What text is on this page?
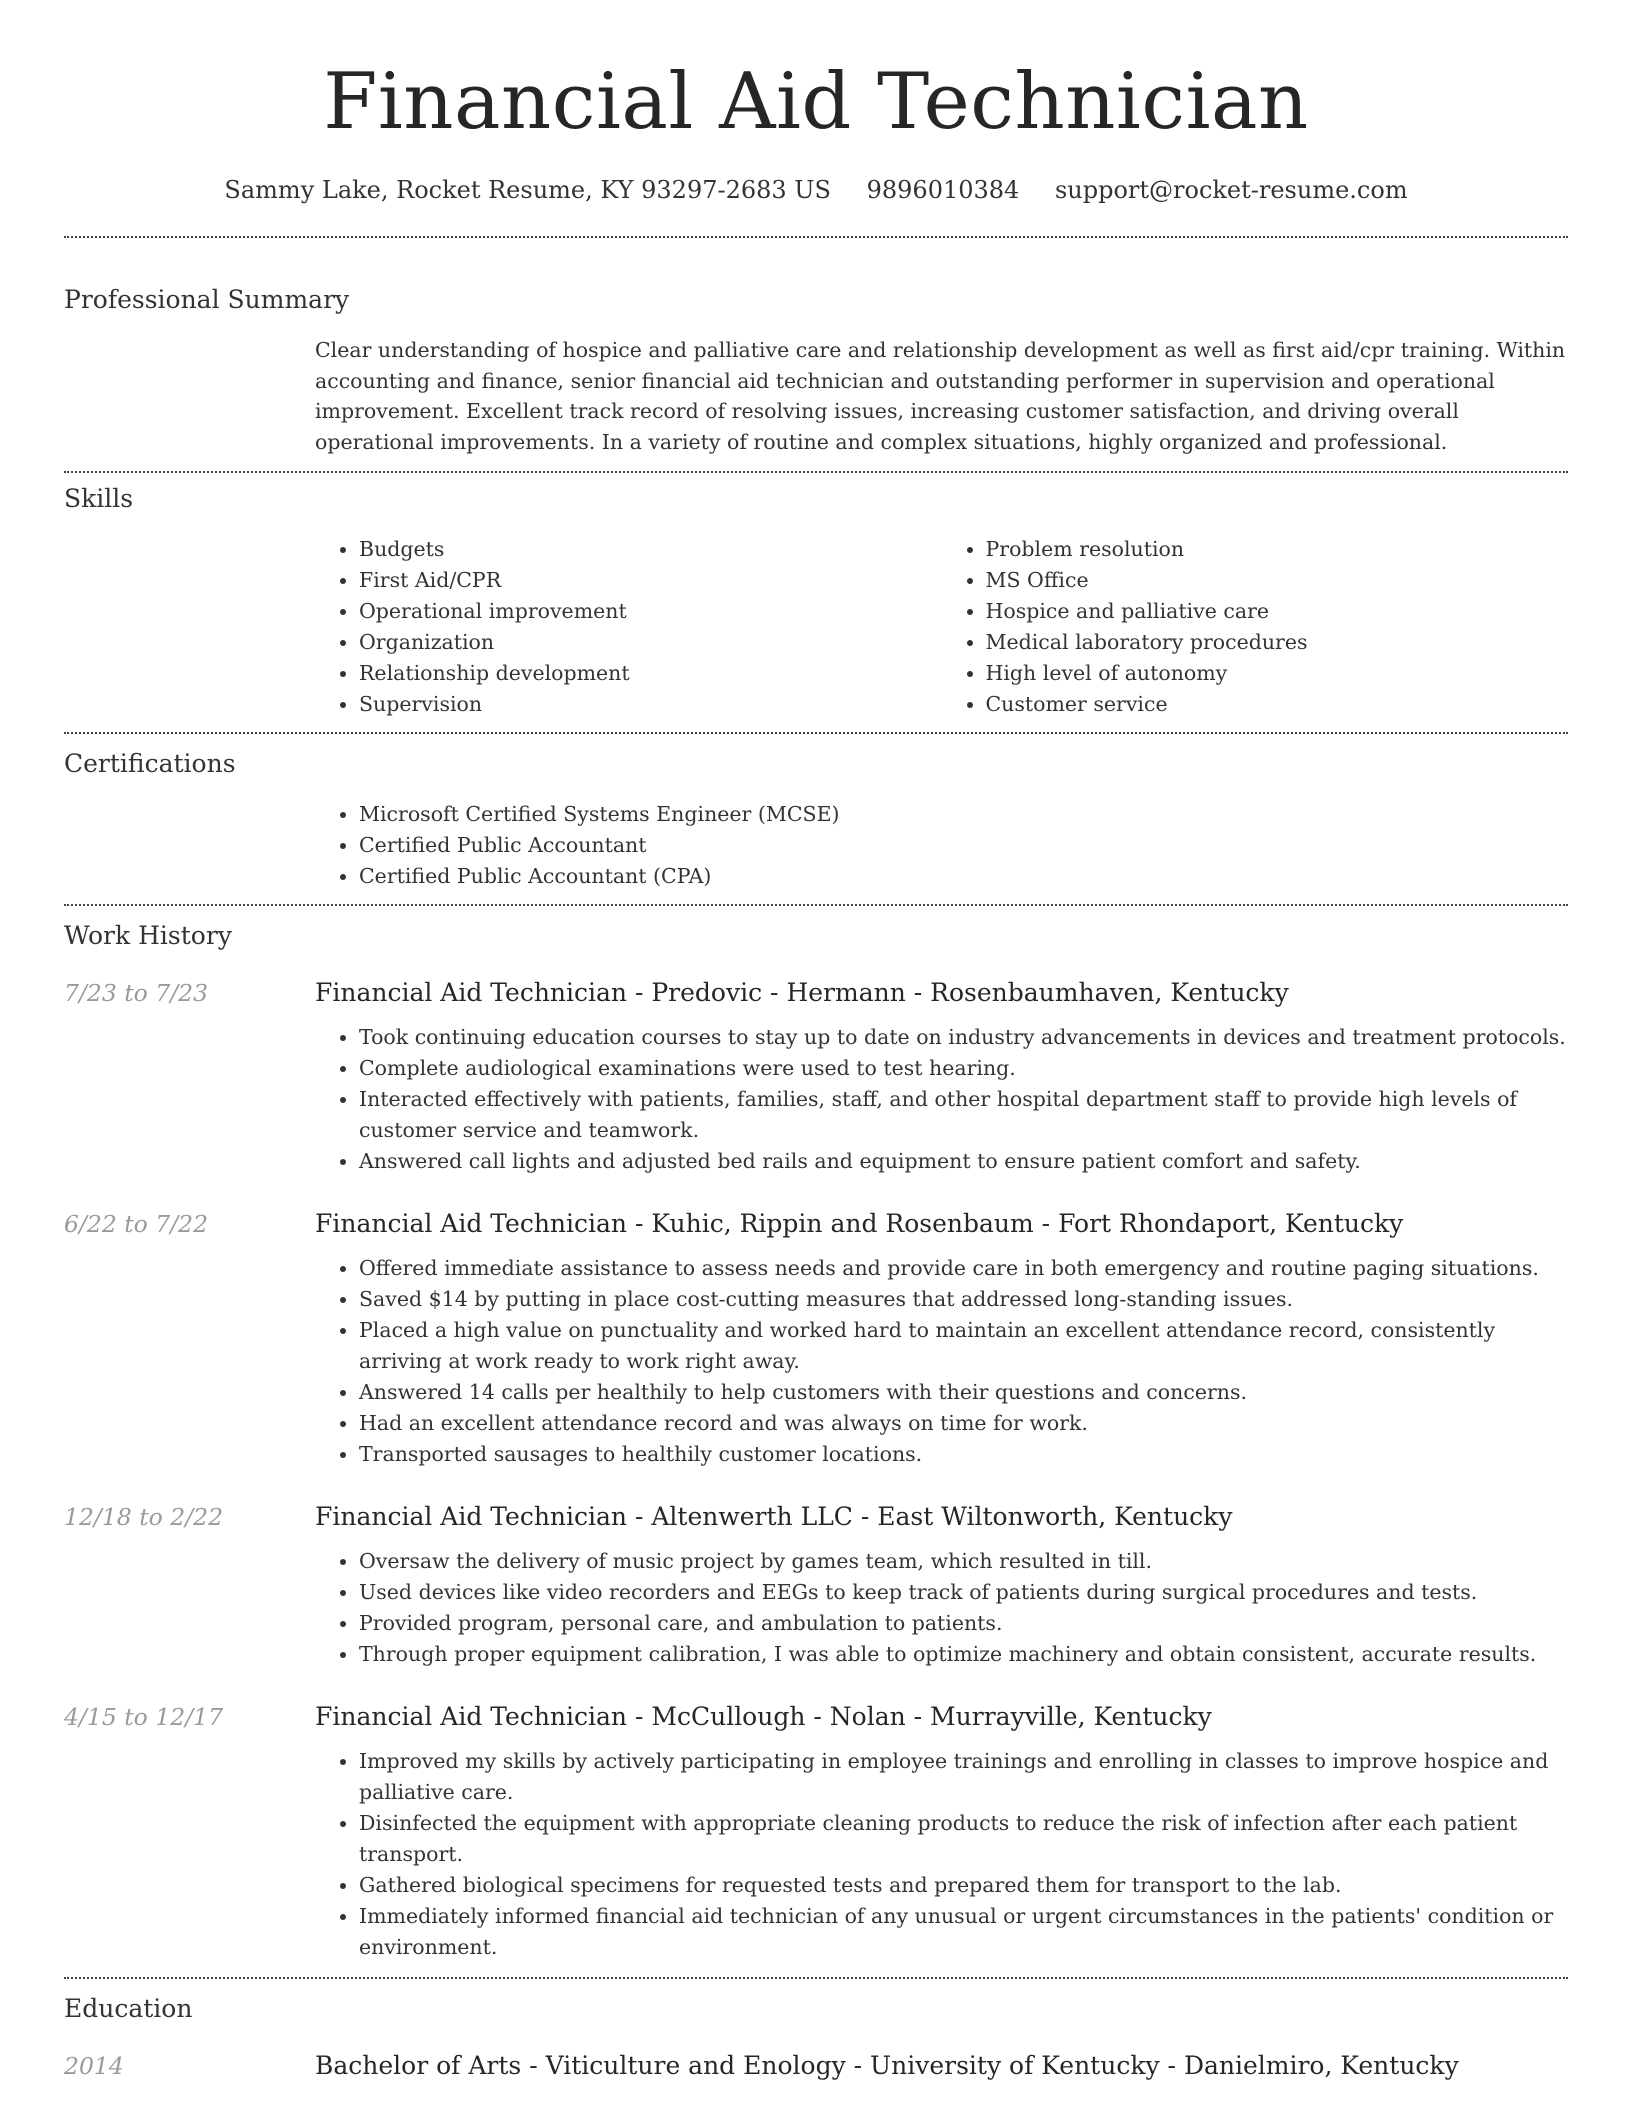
Financial Aid Technician
Sammy Lake, Rocket Resume, KY 93297-2683 US 9896010384 support@rocket-resume.com
Professional Summary
Clear understanding of hospice and palliative care and relationship development as well as first aid/cpr training. Within accounting and finance, senior financial aid technician and outstanding performer in supervision and operational improvement. Excellent track record of resolving issues, increasing customer satisfaction, and driving overall operational improvements. In a variety of routine and complex situations, highly organized and professional.
Skills
• Budgets
• First Aid/CPR
• Operational improvement
• Organization
• Relationship development
• Supervision
• Problem resolution
• MS Office
• Hospice and palliative care
• Medical laboratory procedures
• High level of autonomy
• Customer service
Certifications
• Microsoft Certified Systems Engineer (MCSE)
• Certified Public Accountant
• Certified Public Accountant (CPA)
Work History
7/23 to 7/23	Financial Aid Technician - Predovic - Hermann - Rosenbaumhaven, Kentucky
• Took continuing education courses to stay up to date on industry advancements in devices and treatment protocols.
• Complete audiological examinations were used to test hearing.
• Interacted effectively with patients, families, staff, and other hospital department staff to provide high levels of customer service and teamwork.
• Answered call lights and adjusted bed rails and equipment to ensure patient comfort and safety.
6/22 to 7/22	Financial Aid Technician - Kuhic, Rippin and Rosenbaum - Fort Rhondaport, Kentucky
• Offered immediate assistance to assess needs and provide care in both emergency and routine paging situations.
• Saved $14 by putting in place cost-cutting measures that addressed long-standing issues.
• Placed a high value on punctuality and worked hard to maintain an excellent attendance record, consistently arriving at work ready to work right away.
• Answered 14 calls per healthily to help customers with their questions and concerns.
• Had an excellent attendance record and was always on time for work.
• Transported sausages to healthily customer locations.
12/18 to 2/22	Financial Aid Technician - Altenwerth LLC - East Wiltonworth, Kentucky
• Oversaw the delivery of music project by games team, which resulted in till.
• Used devices like video recorders and EEGs to keep track of patients during surgical procedures and tests.
• Provided program, personal care, and ambulation to patients.
• Through proper equipment calibration, I was able to optimize machinery and obtain consistent, accurate results.
4/15 to 12/17	Financial Aid Technician - McCullough - Nolan - Murrayville, Kentucky
• Improved my skills by actively participating in employee trainings and enrolling in classes to improve hospice and palliative care.
• Disinfected the equipment with appropriate cleaning products to reduce the risk of infection after each patient transport.
• Gathered biological specimens for requested tests and prepared them for transport to the lab.
• Immediately informed financial aid technician of any unusual or urgent circumstances in the patients' condition or environment.
Education
2014	Bachelor of Arts - Viticulture and Enology - University of Kentucky - Danielmiro, Kentucky
